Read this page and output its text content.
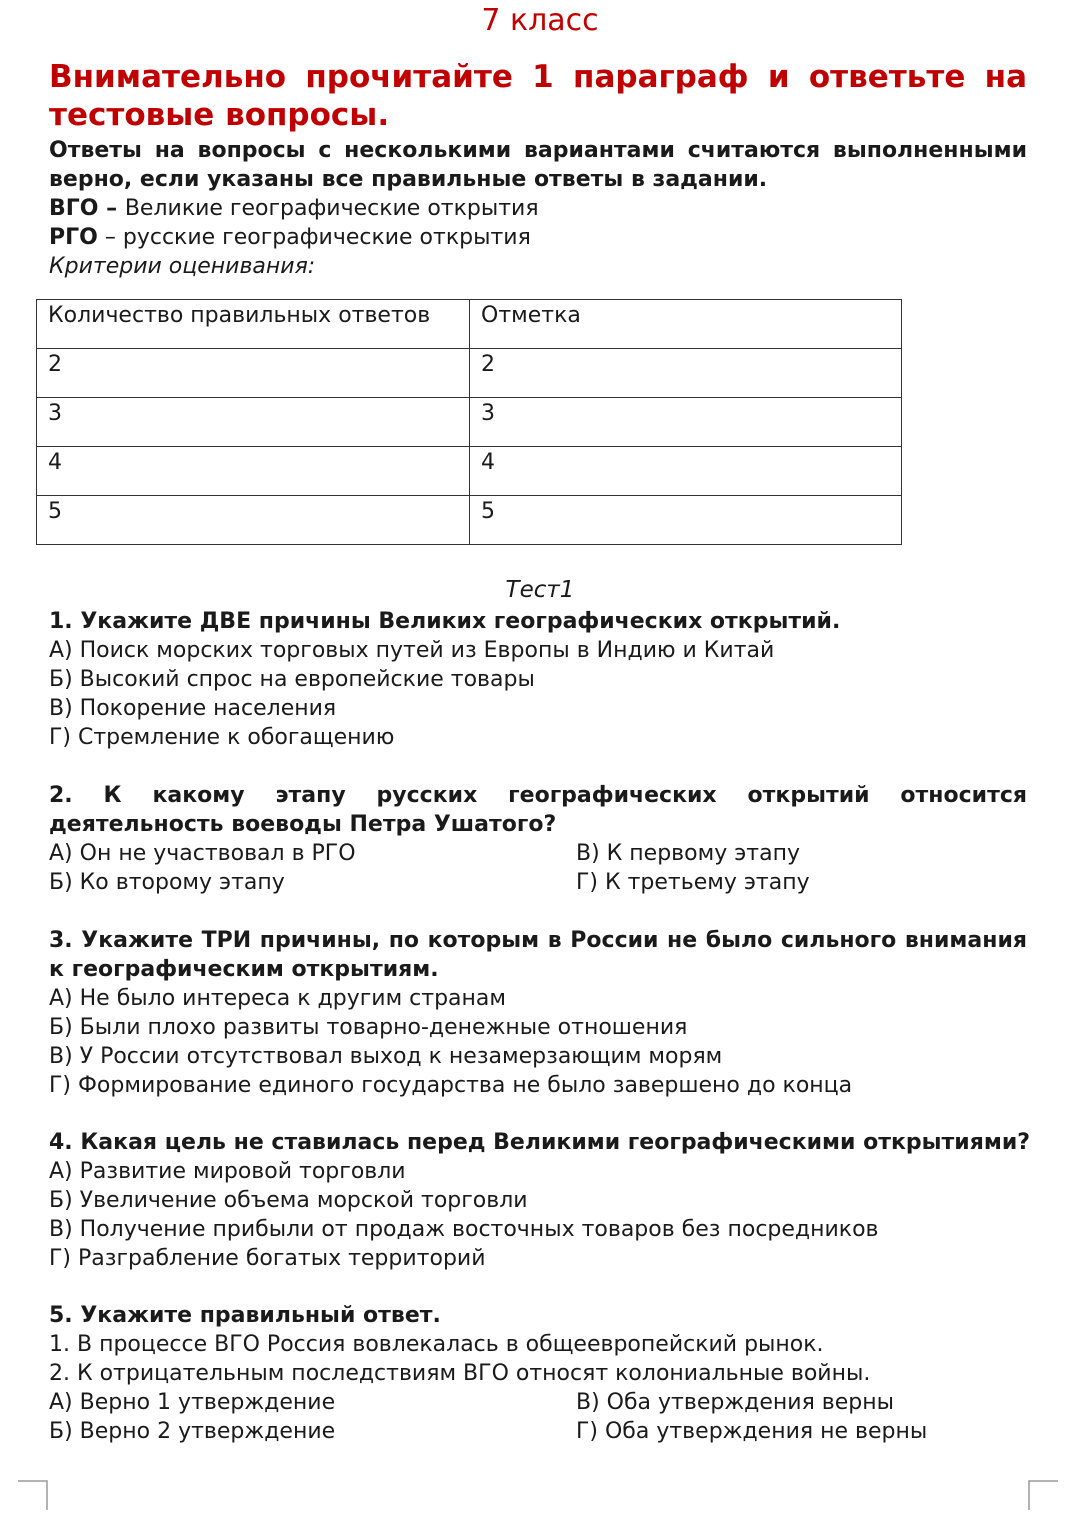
7 класс
Внимательно прочитайте 1 параграф и ответьте на тестовые вопросы.
Ответы на вопросы с несколькими вариантами считаются выполненными верно, если указаны все правильные ответы в задании.
ВГО – Великие географические открытия
РГО – русские географические открытия
Критерии оценивания:
Количество правильных ответов	Отметка
2	2
3	3
4	4
5	5
Тест1
1. Укажите ДВЕ причины Великих географических открытий.
А) Поиск морских торговых путей из Европы в Индию и Китай
Б) Высокий спрос на европейские товары
В) Покорение населения
Г) Стремление к обогащению
2. К какому этапу русских географических открытий относится деятельность воеводы Петра Ушатого?
А) Он не участвовал в РГО	В) К первому этапу
Б) Ко второму этапу	Г) К третьему этапу
3. Укажите ТРИ причины, по которым в России не было сильного внимания к географическим открытиям.
А) Не было интереса к другим странам
Б) Были плохо развиты товарно-денежные отношения
В) У России отсутствовал выход к незамерзающим морям
Г) Формирование единого государства не было завершено до конца
4. Какая цель не ставилась перед Великими географическими открытиями?
А) Развитие мировой торговли
Б) Увеличение объема морской торговли
В) Получение прибыли от продаж восточных товаров без посредников
Г) Разграбление богатых территорий
5. Укажите правильный ответ.
1. В процессе ВГО Россия вовлекалась в общеевропейский рынок.
2. К отрицательным последствиям ВГО относят колониальные войны.
А) Верно 1 утверждение	В) Оба утверждения верны
Б) Верно 2 утверждение	Г) Оба утверждения не верны
